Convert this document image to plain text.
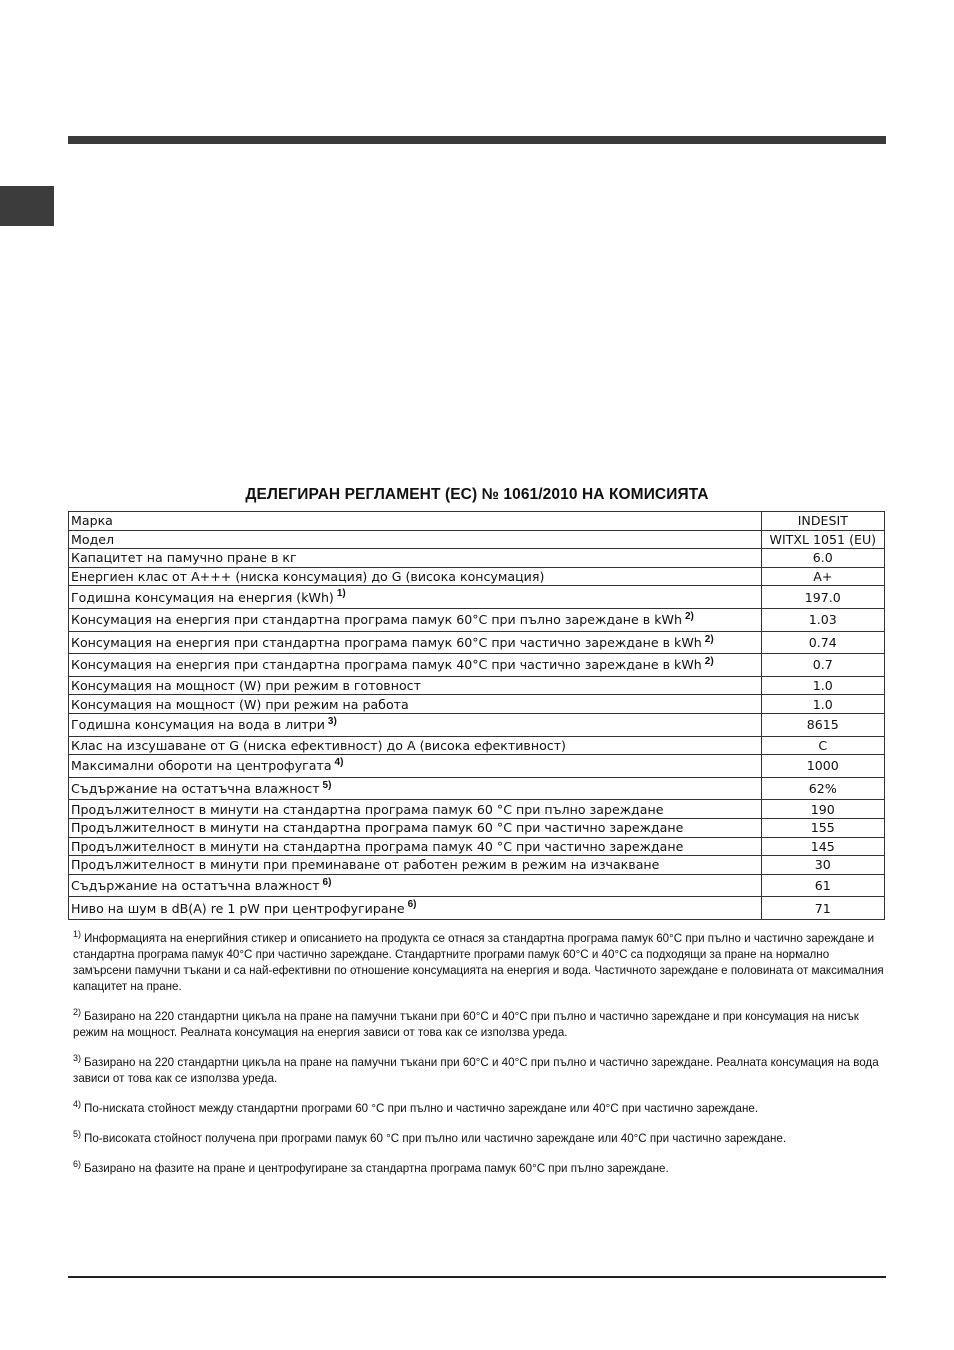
ДЕЛЕГИРАН РЕГЛАМЕНТ (ЕС) № 1061/2010 НА КОМИСИЯТА
Марка	INDESIT
Модел	WITXL 1051 (EU)
Капацитет на памучно пране в кг	6.0
Енергиен клас от A+++ (ниска консумация) до G (висока консумация)	A+
Годишна консумация на енергия (kWh) $^{1)}$	197.0
Консумация на енергия при стандартна програма памук 60°C при пълно зареждане в kWh $^{2)}$	1.03
Консумация на енергия при стандартна програма памук 60°C при частично зареждане в kWh $^{2)}$	0.74
Консумация на енергия при стандартна програма памук 40°C при частично зареждане в kWh $^{2)}$	0.7
Консумация на мощност (W) при режим в готовност	1.0
Консумация на мощност (W) при режим на работа	1.0
Годишна консумация на вода в литри $^{3)}$	8615
Клас на изсушаване от G (ниска ефективност) до A (висока ефективност)	C
Максимални обороти на центрофугата $^{4)}$	1000
Съдържание на остатъчна влажност $^{5)}$	62%
Продължителност в минути на стандартна програма памук 60 °C при пълно зареждане	190
Продължителност в минути на стандартна програма памук 60 °C при частично зареждане	155
Продължителност в минути на стандартна програма памук 40 °C при частично зареждане	145
Продължителност в минути при преминаване от работен режим в режим на изчакване	30
Съдържание на остатъчна влажност $^{6)}$	61
Ниво на шум в dB(A) re 1 pW при центрофугиране $^{6)}$	71
$^{1)}$ Информацията на енергийния стикер и описанието на продукта се отнася за стандартна програма памук 60°C при пълно и частично зареждане и стандартна програма памук 40°C при частично зареждане. Стандартните програми памук 60°C и 40°C са подходящи за пране на нормално замърсени памучни тъкани и са най-ефективни по отношение консумацията на енергия и вода. Частичното зареждане е половината от максималния капацитет на пране.
$^{2)}$ Базирано на 220 стандартни цикъла на пране на памучни тъкани при 60°C и 40°C при пълно и частично зареждане и при консумация на нисък режим на мощност. Реалната консумация на енергия зависи от това как се използва уреда.
$^{3)}$ Базирано на 220 стандартни цикъла на пране на памучни тъкани при 60°C и 40°C при пълно и частично зареждане. Реалната консумация на вода зависи от това как се използва уреда.
$^{4)}$ По-ниската стойност между стандартни програми 60 °C при пълно и частично зареждане или 40°C при частично зареждане.
$^{5)}$ По-високата стойност получена при програми памук 60 °C при пълно или частично зареждане или 40°C при частично зареждане.
$^{6)}$ Базирано на фазите на пране и центрофугиране за стандартна програма памук 60°C при пълно зареждане.
